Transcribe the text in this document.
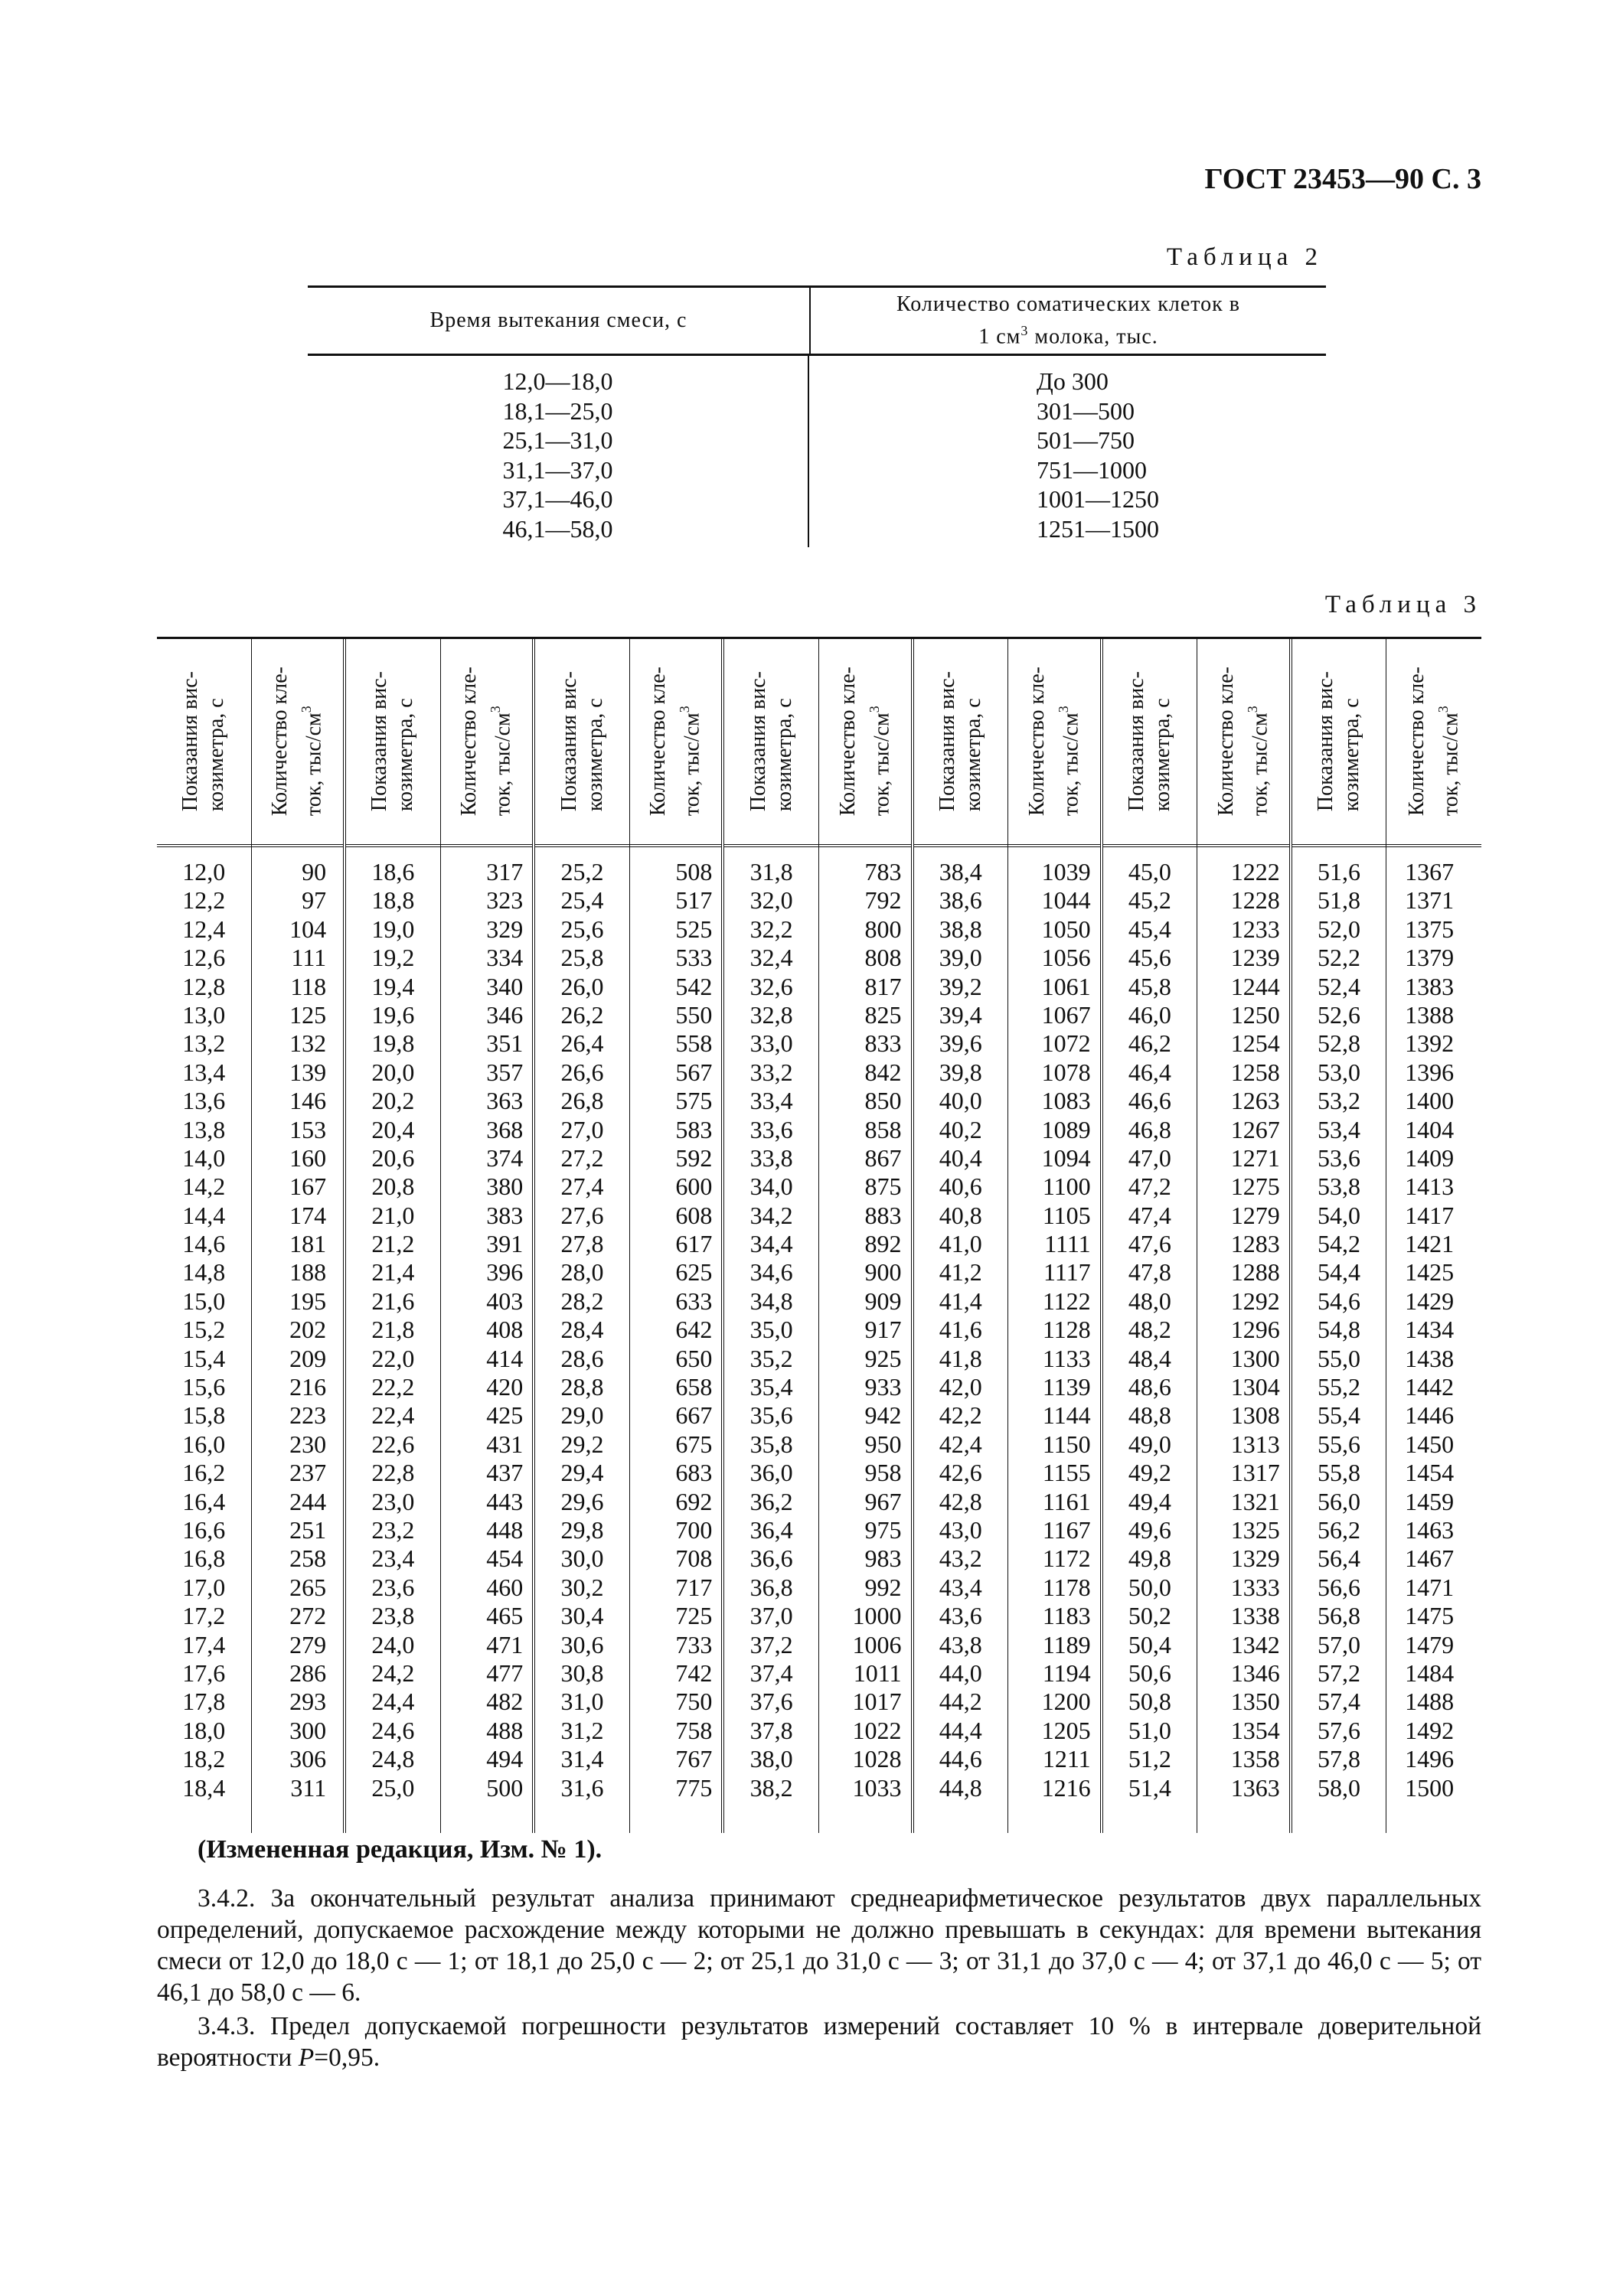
ГОСТ 23453—90 С. 3
Таблица 2
Время вытекания смеси, с
Количество соматических клеток в
1 $см^3$ молока, тыс.
12,0—18,0
18,1—25,0
25,1—31,0
31,1—37,0
37,1—46,0
46,1—58,0
До 300
301—500
501—750
751—1000
1001—1250
1251—1500
Таблица 3
Показания вис- козиметра, с
12,0
12,2
12,4
12,6
12,8
13,0
13,2
13,4
13,6
13,8
14,0
14,2
14,4
14,6
14,8
15,0
15,2
15,4
15,6
15,8
16,0
16,2
16,4
16,6
16,8
17,0
17,2
17,4
17,6
17,8
18,0
18,2
18,4
Количество кле- ток, тыс/$см^3$
90
97
104
111
118
125
132
139
146
153
160
167
174
181
188
195
202
209
216
223
230
237
244
251
258
265
272
279
286
293
300
306
311
Показания вис- козиметра, с
18,6
18,8
19,0
19,2
19,4
19,6
19,8
20,0
20,2
20,4
20,6
20,8
21,0
21,2
21,4
21,6
21,8
22,0
22,2
22,4
22,6
22,8
23,0
23,2
23,4
23,6
23,8
24,0
24,2
24,4
24,6
24,8
25,0
Количество кле- ток, тыс/$см^3$
317
323
329
334
340
346
351
357
363
368
374
380
383
391
396
403
408
414
420
425
431
437
443
448
454
460
465
471
477
482
488
494
500
Показания вис- козиметра, с
25,2
25,4
25,6
25,8
26,0
26,2
26,4
26,6
26,8
27,0
27,2
27,4
27,6
27,8
28,0
28,2
28,4
28,6
28,8
29,0
29,2
29,4
29,6
29,8
30,0
30,2
30,4
30,6
30,8
31,0
31,2
31,4
31,6
Количество кле- ток, тыс/$см^3$
508
517
525
533
542
550
558
567
575
583
592
600
608
617
625
633
642
650
658
667
675
683
692
700
708
717
725
733
742
750
758
767
775
Показания вис- козиметра, с
31,8
32,0
32,2
32,4
32,6
32,8
33,0
33,2
33,4
33,6
33,8
34,0
34,2
34,4
34,6
34,8
35,0
35,2
35,4
35,6
35,8
36,0
36,2
36,4
36,6
36,8
37,0
37,2
37,4
37,6
37,8
38,0
38,2
Количество кле- ток, тыс/$см^3$
783
792
800
808
817
825
833
842
850
858
867
875
883
892
900
909
917
925
933
942
950
958
967
975
983
992
1000
1006
1011
1017
1022
1028
1033
Показания вис- козиметра, с
38,4
38,6
38,8
39,0
39,2
39,4
39,6
39,8
40,0
40,2
40,4
40,6
40,8
41,0
41,2
41,4
41,6
41,8
42,0
42,2
42,4
42,6
42,8
43,0
43,2
43,4
43,6
43,8
44,0
44,2
44,4
44,6
44,8
Количество кле- ток, тыс/$см^3$
1039
1044
1050
1056
1061
1067
1072
1078
1083
1089
1094
1100
1105
1111
1117
1122
1128
1133
1139
1144
1150
1155
1161
1167
1172
1178
1183
1189
1194
1200
1205
1211
1216
Показания вис- козиметра, с
45,0
45,2
45,4
45,6
45,8
46,0
46,2
46,4
46,6
46,8
47,0
47,2
47,4
47,6
47,8
48,0
48,2
48,4
48,6
48,8
49,0
49,2
49,4
49,6
49,8
50,0
50,2
50,4
50,6
50,8
51,0
51,2
51,4
Количество кле- ток, тыс/$см^3$
1222
1228
1233
1239
1244
1250
1254
1258
1263
1267
1271
1275
1279
1283
1288
1292
1296
1300
1304
1308
1313
1317
1321
1325
1329
1333
1338
1342
1346
1350
1354
1358
1363
Показания вис- козиметра, с
51,6
51,8
52,0
52,2
52,4
52,6
52,8
53,0
53,2
53,4
53,6
53,8
54,0
54,2
54,4
54,6
54,8
55,0
55,2
55,4
55,6
55,8
56,0
56,2
56,4
56,6
56,8
57,0
57,2
57,4
57,6
57,8
58,0
Количество кле- ток, тыс/$см^3$
1367
1371
1375
1379
1383
1388
1392
1396
1400
1404
1409
1413
1417
1421
1425
1429
1434
1438
1442
1446
1450
1454
1459
1463
1467
1471
1475
1479
1484
1488
1492
1496
1500
(Измененная редакция, Изм. № 1).
3.4.2. За окончательный результат анализа принимают среднеарифметическое результатов двух параллельных определений, допускаемое расхождение между которыми не должно превышать в секундах: для времени вытекания смеси от 12,0 до 18,0 с — 1; от 18,1 до 25,0 с — 2; от 25,1 до 31,0 с — 3; от 31,1 до 37,0 с — 4; от 37,1 до 46,0 с — 5; от 46,1 до 58,0 с — 6.
3.4.3. Предел допускаемой погрешности результатов измерений составляет 10 % в интервале доверительной вероятности P=0,95.
